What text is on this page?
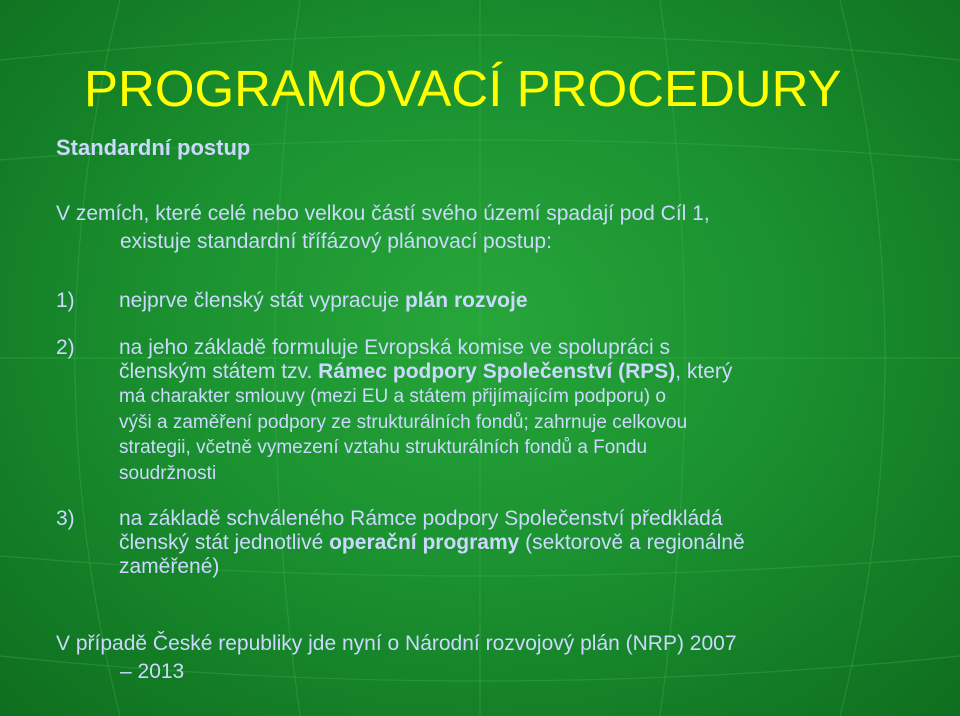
PROGRAMOVACÍ PROCEDURY
Standardní postup
V zemích, které celé nebo velkou částí svého území spadají pod Cíl 1,
existuje standardní třífázový plánovací postup:
1) nejprve členský stát vypracuje plán rozvoje
2) na jeho základě formuluje Evropská komise ve spolupráci s
členským státem tzv. Rámec podpory Společenství (RPS), který
má charakter smlouvy (mezi EU a státem přijímajícím podporu) o
výši a zaměření podpory ze strukturálních fondů; zahrnuje celkovou
strategii, včetně vymezení vztahu strukturálních fondů a Fondu
soudržnosti
3) na základě schváleného Rámce podpory Společenství předkládá
členský stát jednotlivé operační programy (sektorově a regionálně
zaměřené)
V případě České republiky jde nyní o Národní rozvojový plán (NRP) 2007
– 2013
